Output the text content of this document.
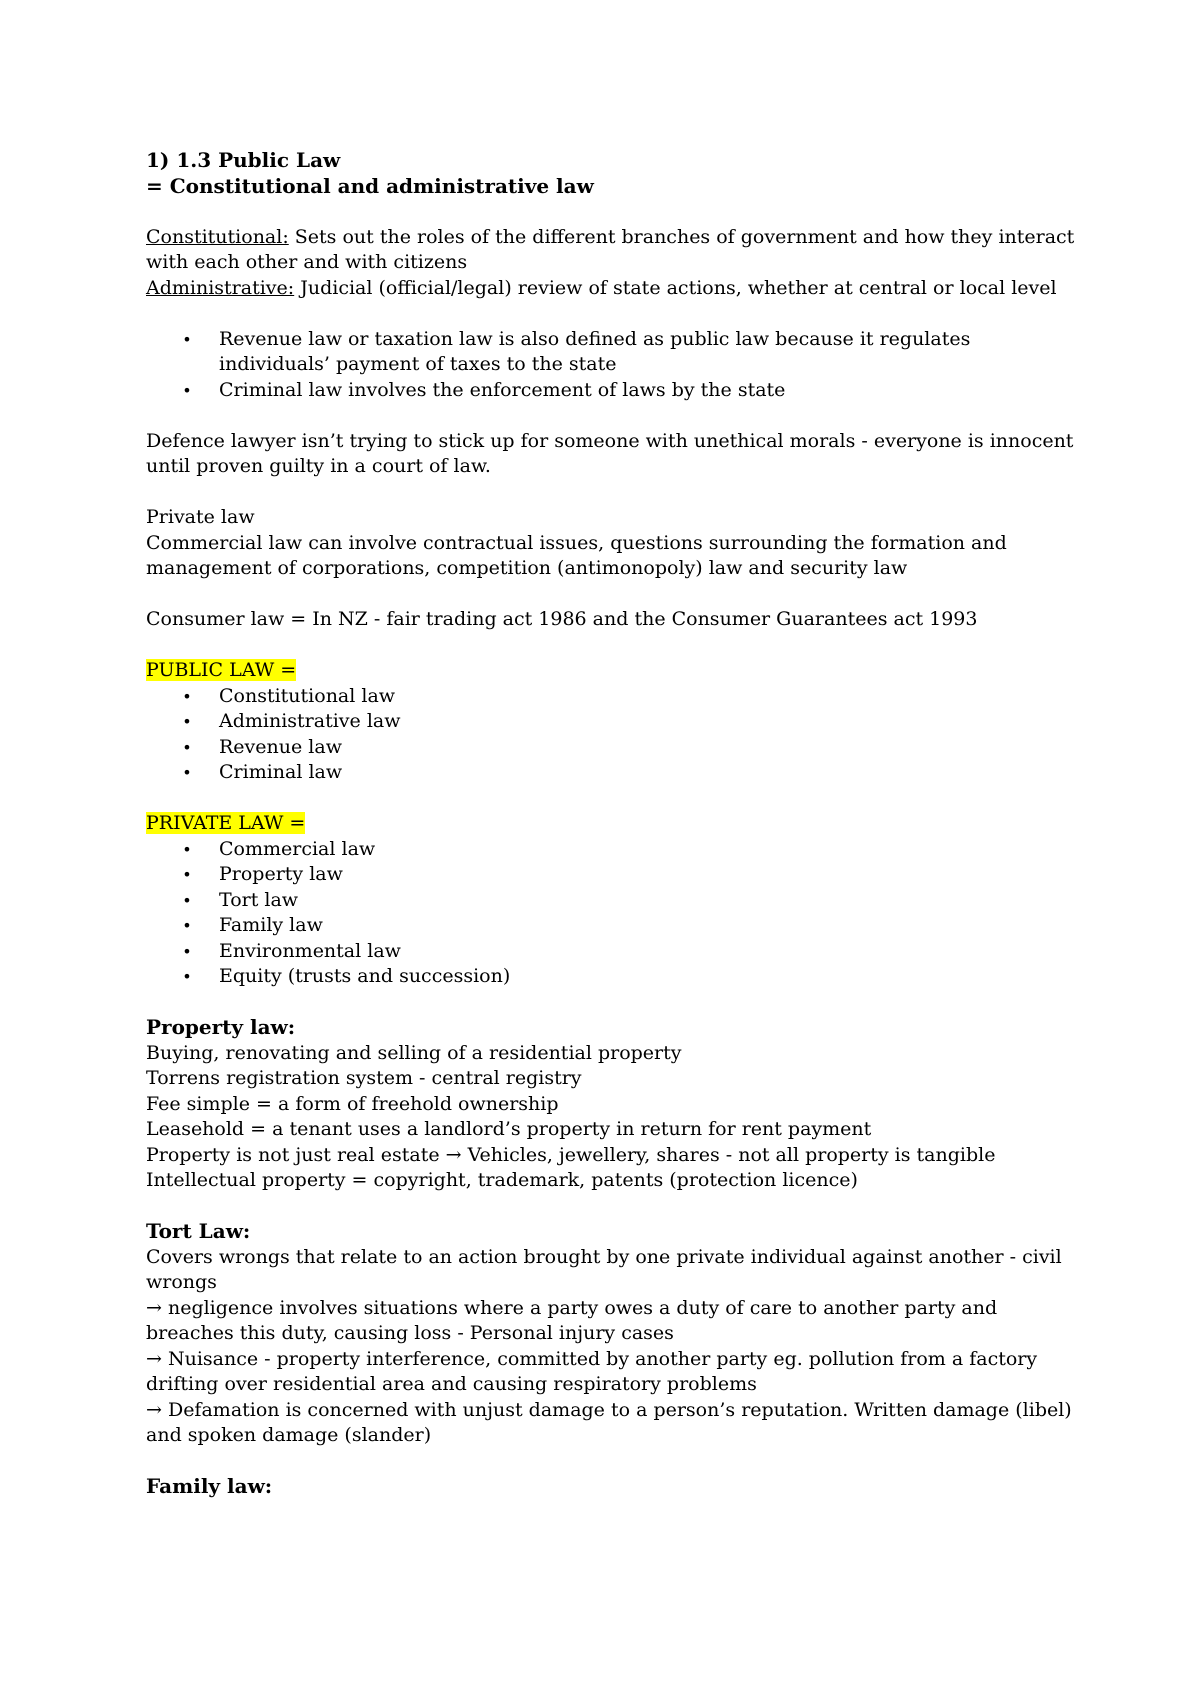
1) 1.3 Public Law
= Constitutional and administrative law
Constitutional: Sets out the roles of the different branches of government and how they interact with each other and with citizens
Administrative: Judicial (official/legal) review of state actions, whether at central or local level
• Revenue law or taxation law is also defined as public law because it regulates individuals’ payment of taxes to the state
• Criminal law involves the enforcement of laws by the state
Defence lawyer isn’t trying to stick up for someone with unethical morals - everyone is innocent until proven guilty in a court of law.
Private law
Commercial law can involve contractual issues, questions surrounding the formation and management of corporations, competition (antimonopoly) law and security law
Consumer law = In NZ - fair trading act 1986 and the Consumer Guarantees act 1993
PUBLIC LAW =
• Constitutional law
• Administrative law
• Revenue law
• Criminal law
PRIVATE LAW =
• Commercial law
• Property law
• Tort law
• Family law
• Environmental law
• Equity (trusts and succession)
Property law:
Buying, renovating and selling of a residential property
Torrens registration system - central registry
Fee simple = a form of freehold ownership
Leasehold = a tenant uses a landlord’s property in return for rent payment
Property is not just real estate → Vehicles, jewellery, shares - not all property is tangible
Intellectual property = copyright, trademark, patents (protection licence)
Tort Law:
Covers wrongs that relate to an action brought by one private individual against another - civil wrongs
→ negligence involves situations where a party owes a duty of care to another party and breaches this duty, causing loss - Personal injury cases
→ Nuisance - property interference, committed by another party eg. pollution from a factory drifting over residential area and causing respiratory problems
→ Defamation is concerned with unjust damage to a person’s reputation. Written damage (libel) and spoken damage (slander)
Family law:
